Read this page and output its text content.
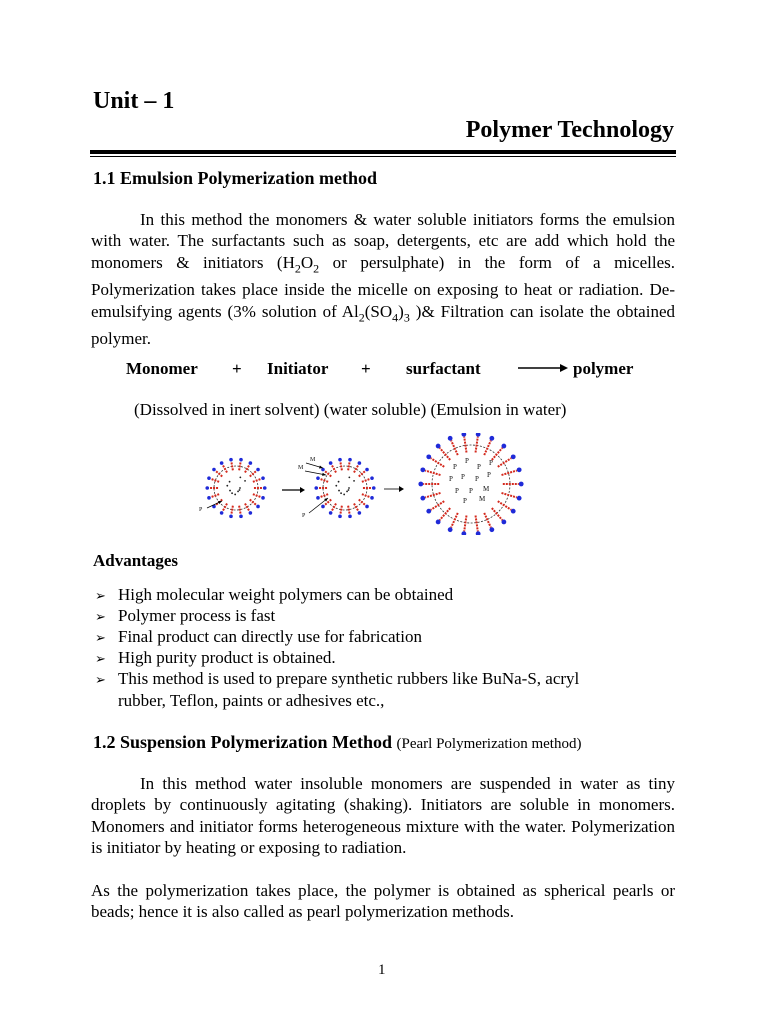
Unit – 1
Polymer Technology
1.1 Emulsion Polymerization method
In this method the monomers & water soluble initiators forms the emulsion with water. The surfactants such as soap, detergents, etc are add which hold the monomers & initiators ($H_2O_2$ or persulphate) in the form of a micelles. Polymerization takes place inside the micelle on exposing to heat or radiation. De-emulsifying agents (3% solution of $Al_2(SO_4)_3$ )& Filtration can isolate the obtained polymer.
Monomer + Initiator + surfactant → polymer
(Dissolved in inert solvent) (water soluble) (Emulsion in water)
P
P
P P
P P P P
P P M
P M
M
M
P
P
Advantages
➢ High molecular weight polymers can be obtained
➢ Polymer process is fast
➢ Final product can directly use for fabrication
➢ High purity product is obtained.
➢ This method is used to prepare synthetic rubbers like BuNa-S, acryl
rubber, Teflon, paints or adhesives etc.,
1.2 Suspension Polymerization Method (Pearl Polymerization method)
In this method water insoluble monomers are suspended in water as tiny droplets by continuously agitating (shaking). Initiators are soluble in monomers. Monomers and initiator forms heterogeneous mixture with the water. Polymerization is initiator by heating or exposing to radiation.
As the polymerization takes place, the polymer is obtained as spherical pearls or beads; hence it is also called as pearl polymerization methods.
1
